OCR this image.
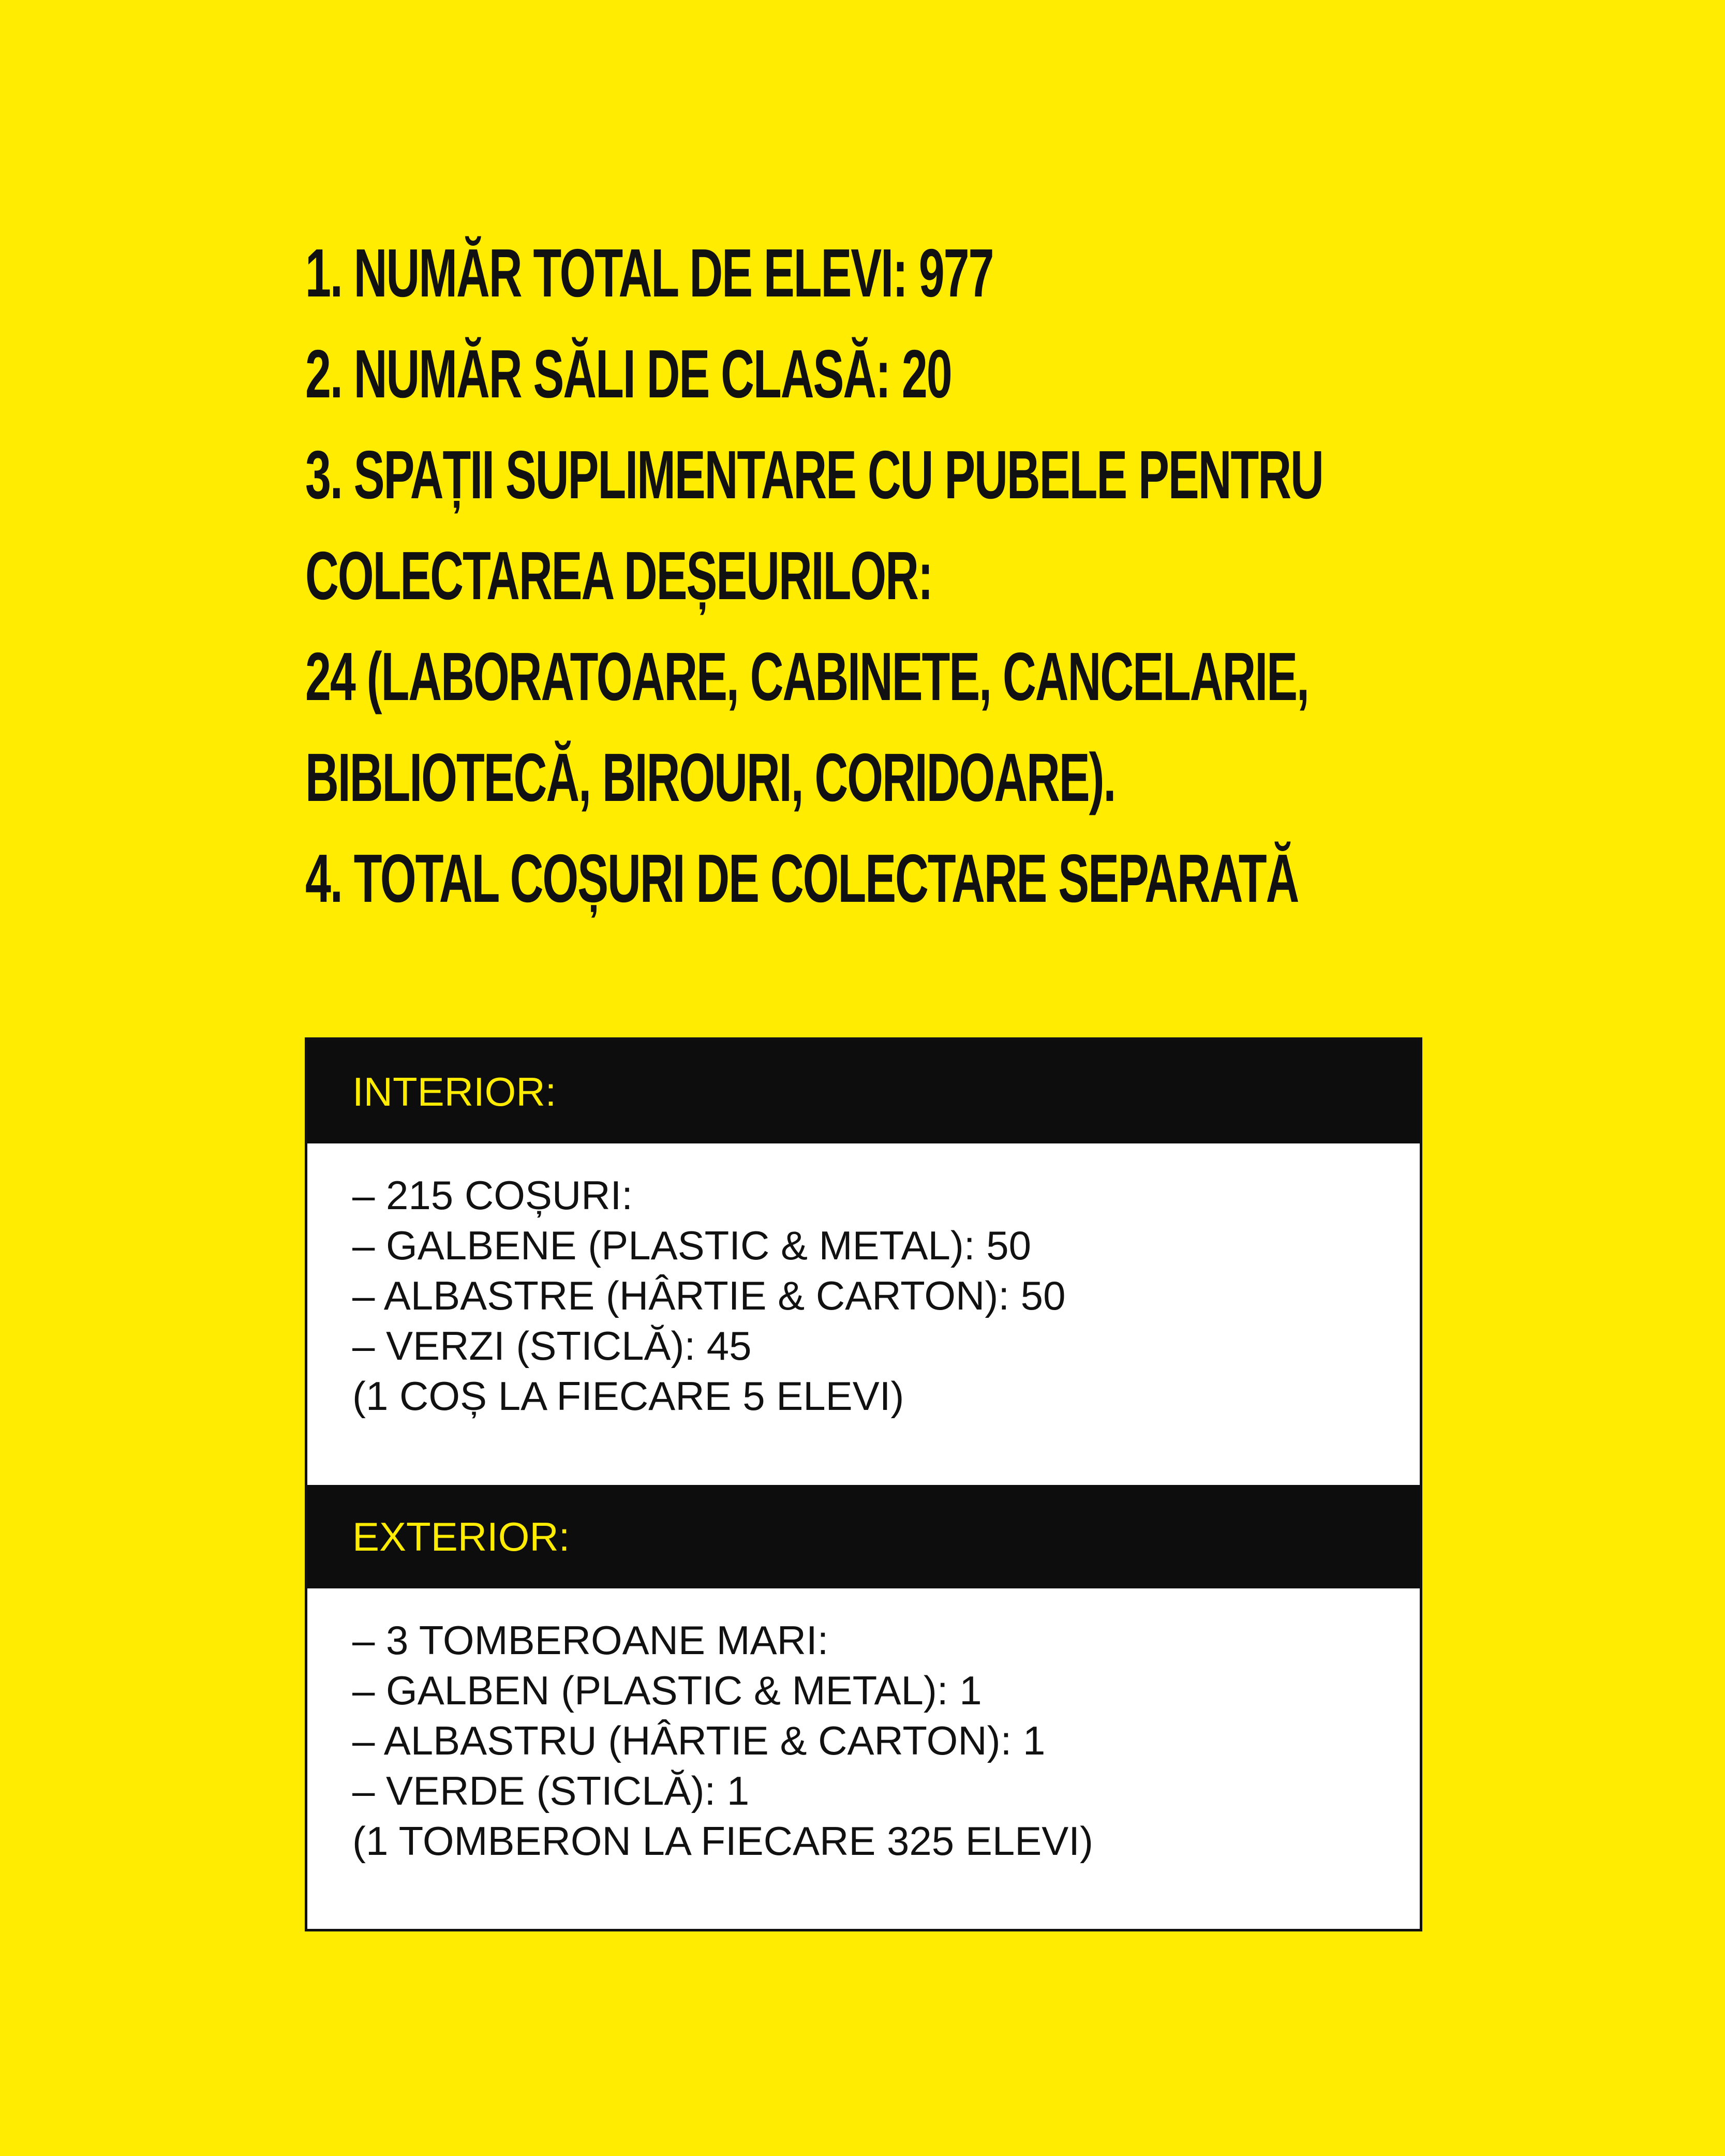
1. NUMĂR TOTAL DE ELEVI: 977
2. NUMĂR SĂLI DE CLASĂ: 20
3. SPAȚII SUPLIMENTARE CU PUBELE PENTRU
COLECTAREA DEȘEURILOR:
24 (LABORATOARE, CABINETE, CANCELARIE,
BIBLIOTECĂ, BIROURI, CORIDOARE).
4. TOTAL COȘURI DE COLECTARE SEPARATĂ
INTERIOR:
– 215 COȘURI:
– GALBENE (PLASTIC & METAL): 50
– ALBASTRE (HÂRTIE & CARTON): 50
– VERZI (STICLĂ): 45
(1 COȘ LA FIECARE 5 ELEVI)
EXTERIOR:
– 3 TOMBEROANE MARI:
– GALBEN (PLASTIC & METAL): 1
– ALBASTRU (HÂRTIE & CARTON): 1
– VERDE (STICLĂ): 1
(1 TOMBERON LA FIECARE 325 ELEVI)
